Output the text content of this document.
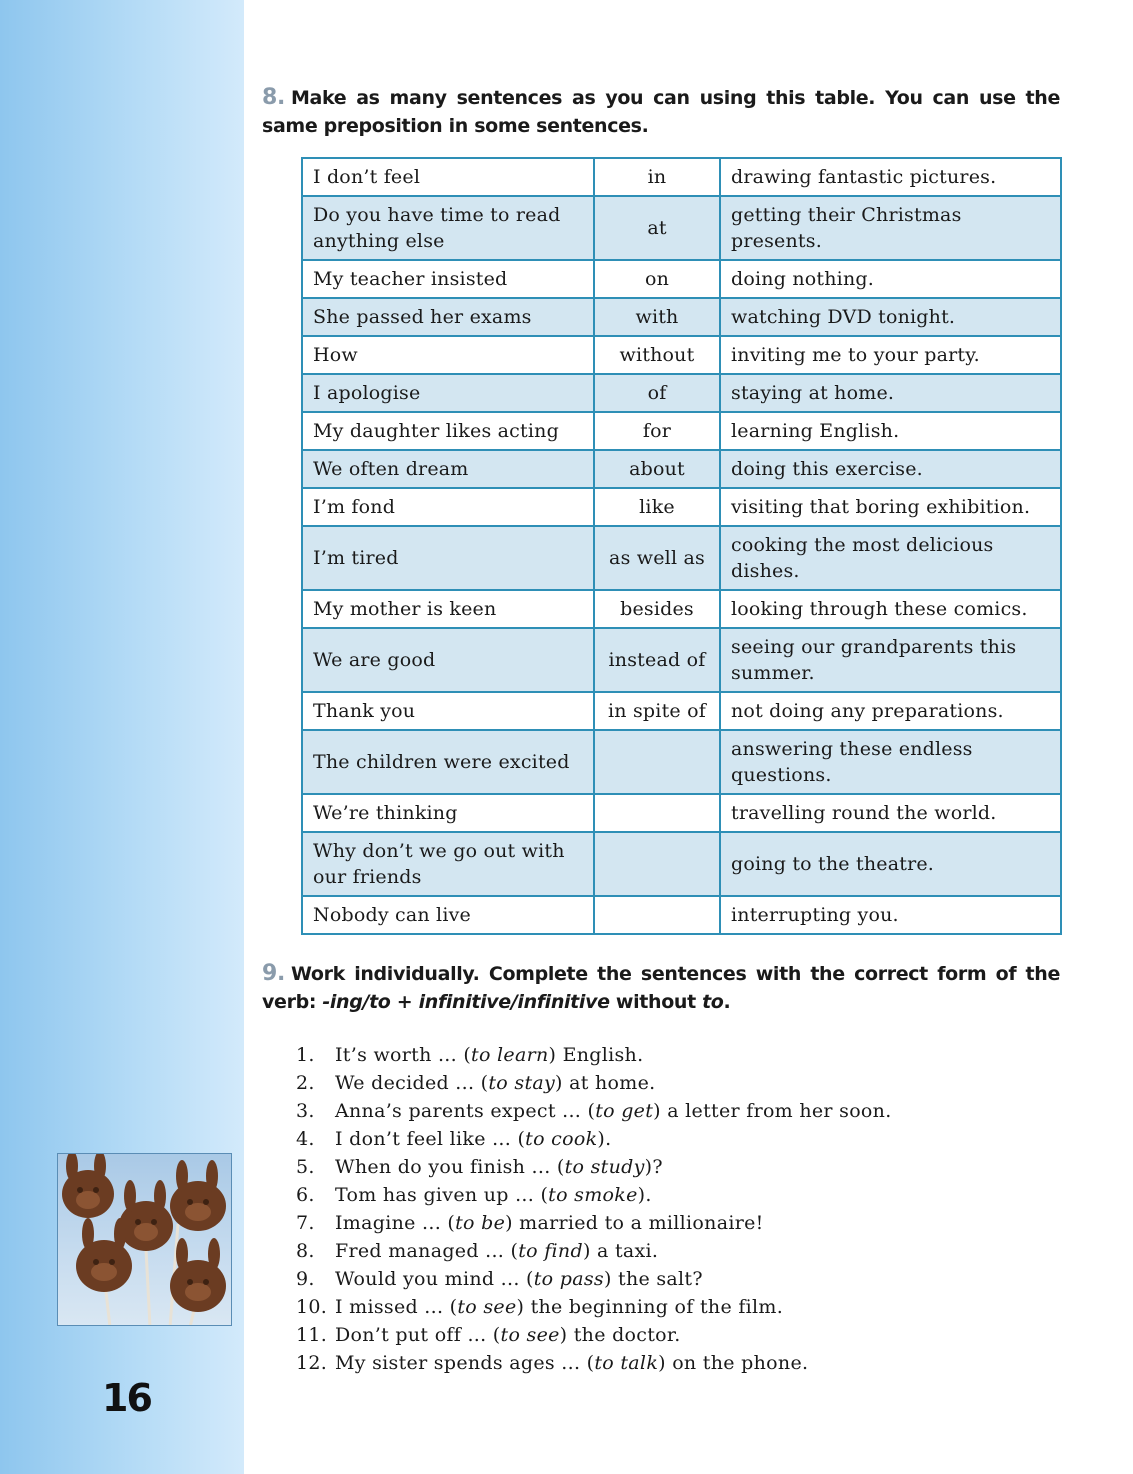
16
8. Make as many sentences as you can using this table. You can use the same preposition in some sentences.
I don’t feel	in	drawing fantastic pictures.
Do you have time to read anything else	at	getting their Christmas presents.
My teacher insisted	on	doing nothing.
She passed her exams	with	watching DVD tonight.
How	without	inviting me to your party.
I apologise	of	staying at home.
My daughter likes acting	for	learning English.
We often dream	about	doing this exercise.
I’m fond	like	visiting that boring exhibition.
I’m tired	as well as	cooking the most delicious dishes.
My mother is keen	besides	looking through these comics.
We are good	instead of	seeing our grandparents this summer.
Thank you	in spite of	not doing any preparations.
The children were excited		answering these endless questions.
We’re thinking		travelling round the world.
Why don’t we go out with our friends		going to the theatre.
Nobody can live		interrupting you.
9. Work individually. Complete the sentences with the correct form of the verb: -ing/to + infinitive/infinitive without to.
1. It’s worth ... (to learn) English.
2. We decided ... (to stay) at home.
3. Anna’s parents expect ... (to get) a letter from her soon.
4. I don’t feel like ... (to cook).
5. When do you finish ... (to study)?
6. Tom has given up ... (to smoke).
7. Imagine ... (to be) married to a millionaire!
8. Fred managed ... (to find) a taxi.
9. Would you mind ... (to pass) the salt?
10. I missed ... (to see) the beginning of the film.
11. Don’t put off ... (to see) the doctor.
12. My sister spends ages ... (to talk) on the phone.
